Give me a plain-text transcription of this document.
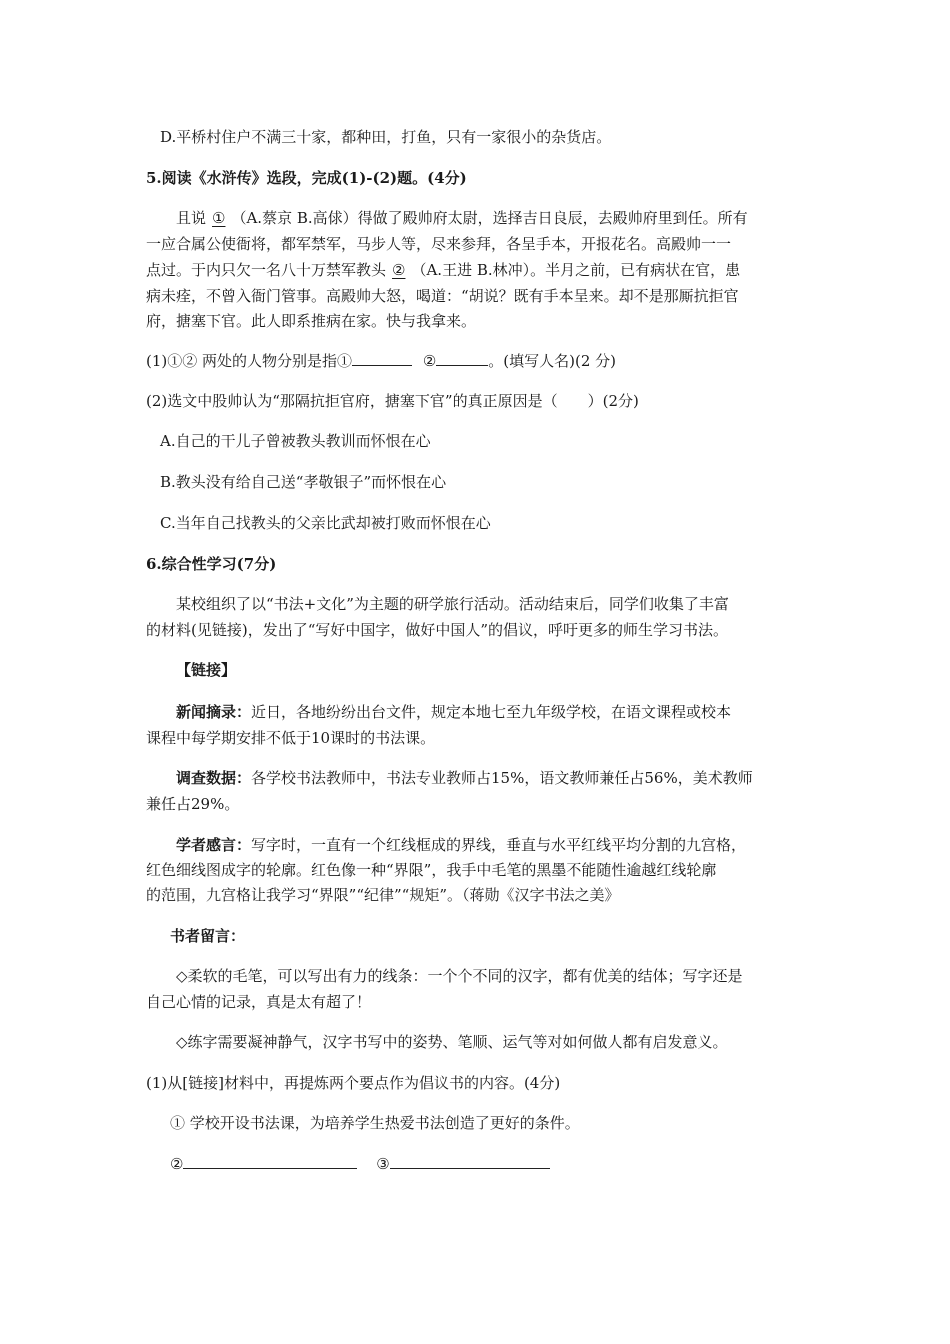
D.平桥村住户不满三十家，都种田，打鱼，只有一家很小的杂货店。
5.阅读《水浒传》选段，完成(1)-(2)题。(4分)
且说 ① （A.蔡京 B.高俅）得做了殿帅府太尉，选择吉日良辰，去殿帅府里到任。所有
一应合属公使衙将，都军禁军，马步人等，尽来参拜，各呈手本，开报花名。高殿帅一一
点过。于内只欠一名八十万禁军教头 ② （A.王进 B.林冲）。半月之前，已有病状在官，患
病未痊，不曾入衙门管事。高殿帅大怒，喝道：“胡说？既有手本呈来。却不是那厮抗拒官
府，搪塞下官。此人即系推病在家。快与我拿来。
(1)①② 两处的人物分别是指①	②	。(填写人名)(2 分)
(2)选文中股帅认为“那隔抗拒官府，搪塞下官”的真正原因是（　　）(2分)
A.自己的干儿子曾被教头教训而怀恨在心
B.教头没有给自己送“孝敬银子”而怀恨在心
C.当年自己找教头的父亲比武却被打败而怀恨在心
6.综合性学习(7分)
某校组织了以“书法+文化”为主题的研学旅行活动。活动结束后，同学们收集了丰富
的材料(见链接)，发出了“写好中国字，做好中国人”的倡议，呼吁更多的师生学习书法。
【链接】
新闻摘录：近日，各地纷纷出台文件，规定本地七至九年级学校，在语文课程或校本
课程中每学期安排不低于10课时的书法课。
调查数据：各学校书法教师中，书法专业教师占15%，语文教师兼任占56%，美术教师
兼任占29%。
学者感言：写字时，一直有一个红线框成的界线，垂直与水平红线平均分割的九宫格，
红色细线图成字的轮廓。红色像一种“界限”，我手中毛笔的黑墨不能随性逾越红线轮廓
的范围，九宫格让我学习“界限”“纪律”“规矩”。（蒋勋《汉字书法之美》
书者留言：
◇柔软的毛笔，可以写出有力的线条：一个个不同的汉字，都有优美的结体；写字还是
自己心情的记录，真是太有超了！
◇练字需要凝神静气，汉字书写中的姿势、笔顺、运气等对如何做人都有启发意义。
(1)从[链接]材料中，再提炼两个要点作为倡议书的内容。(4分)
① 学校开设书法课，为培养学生热爱书法创造了更好的条件。
②	③
